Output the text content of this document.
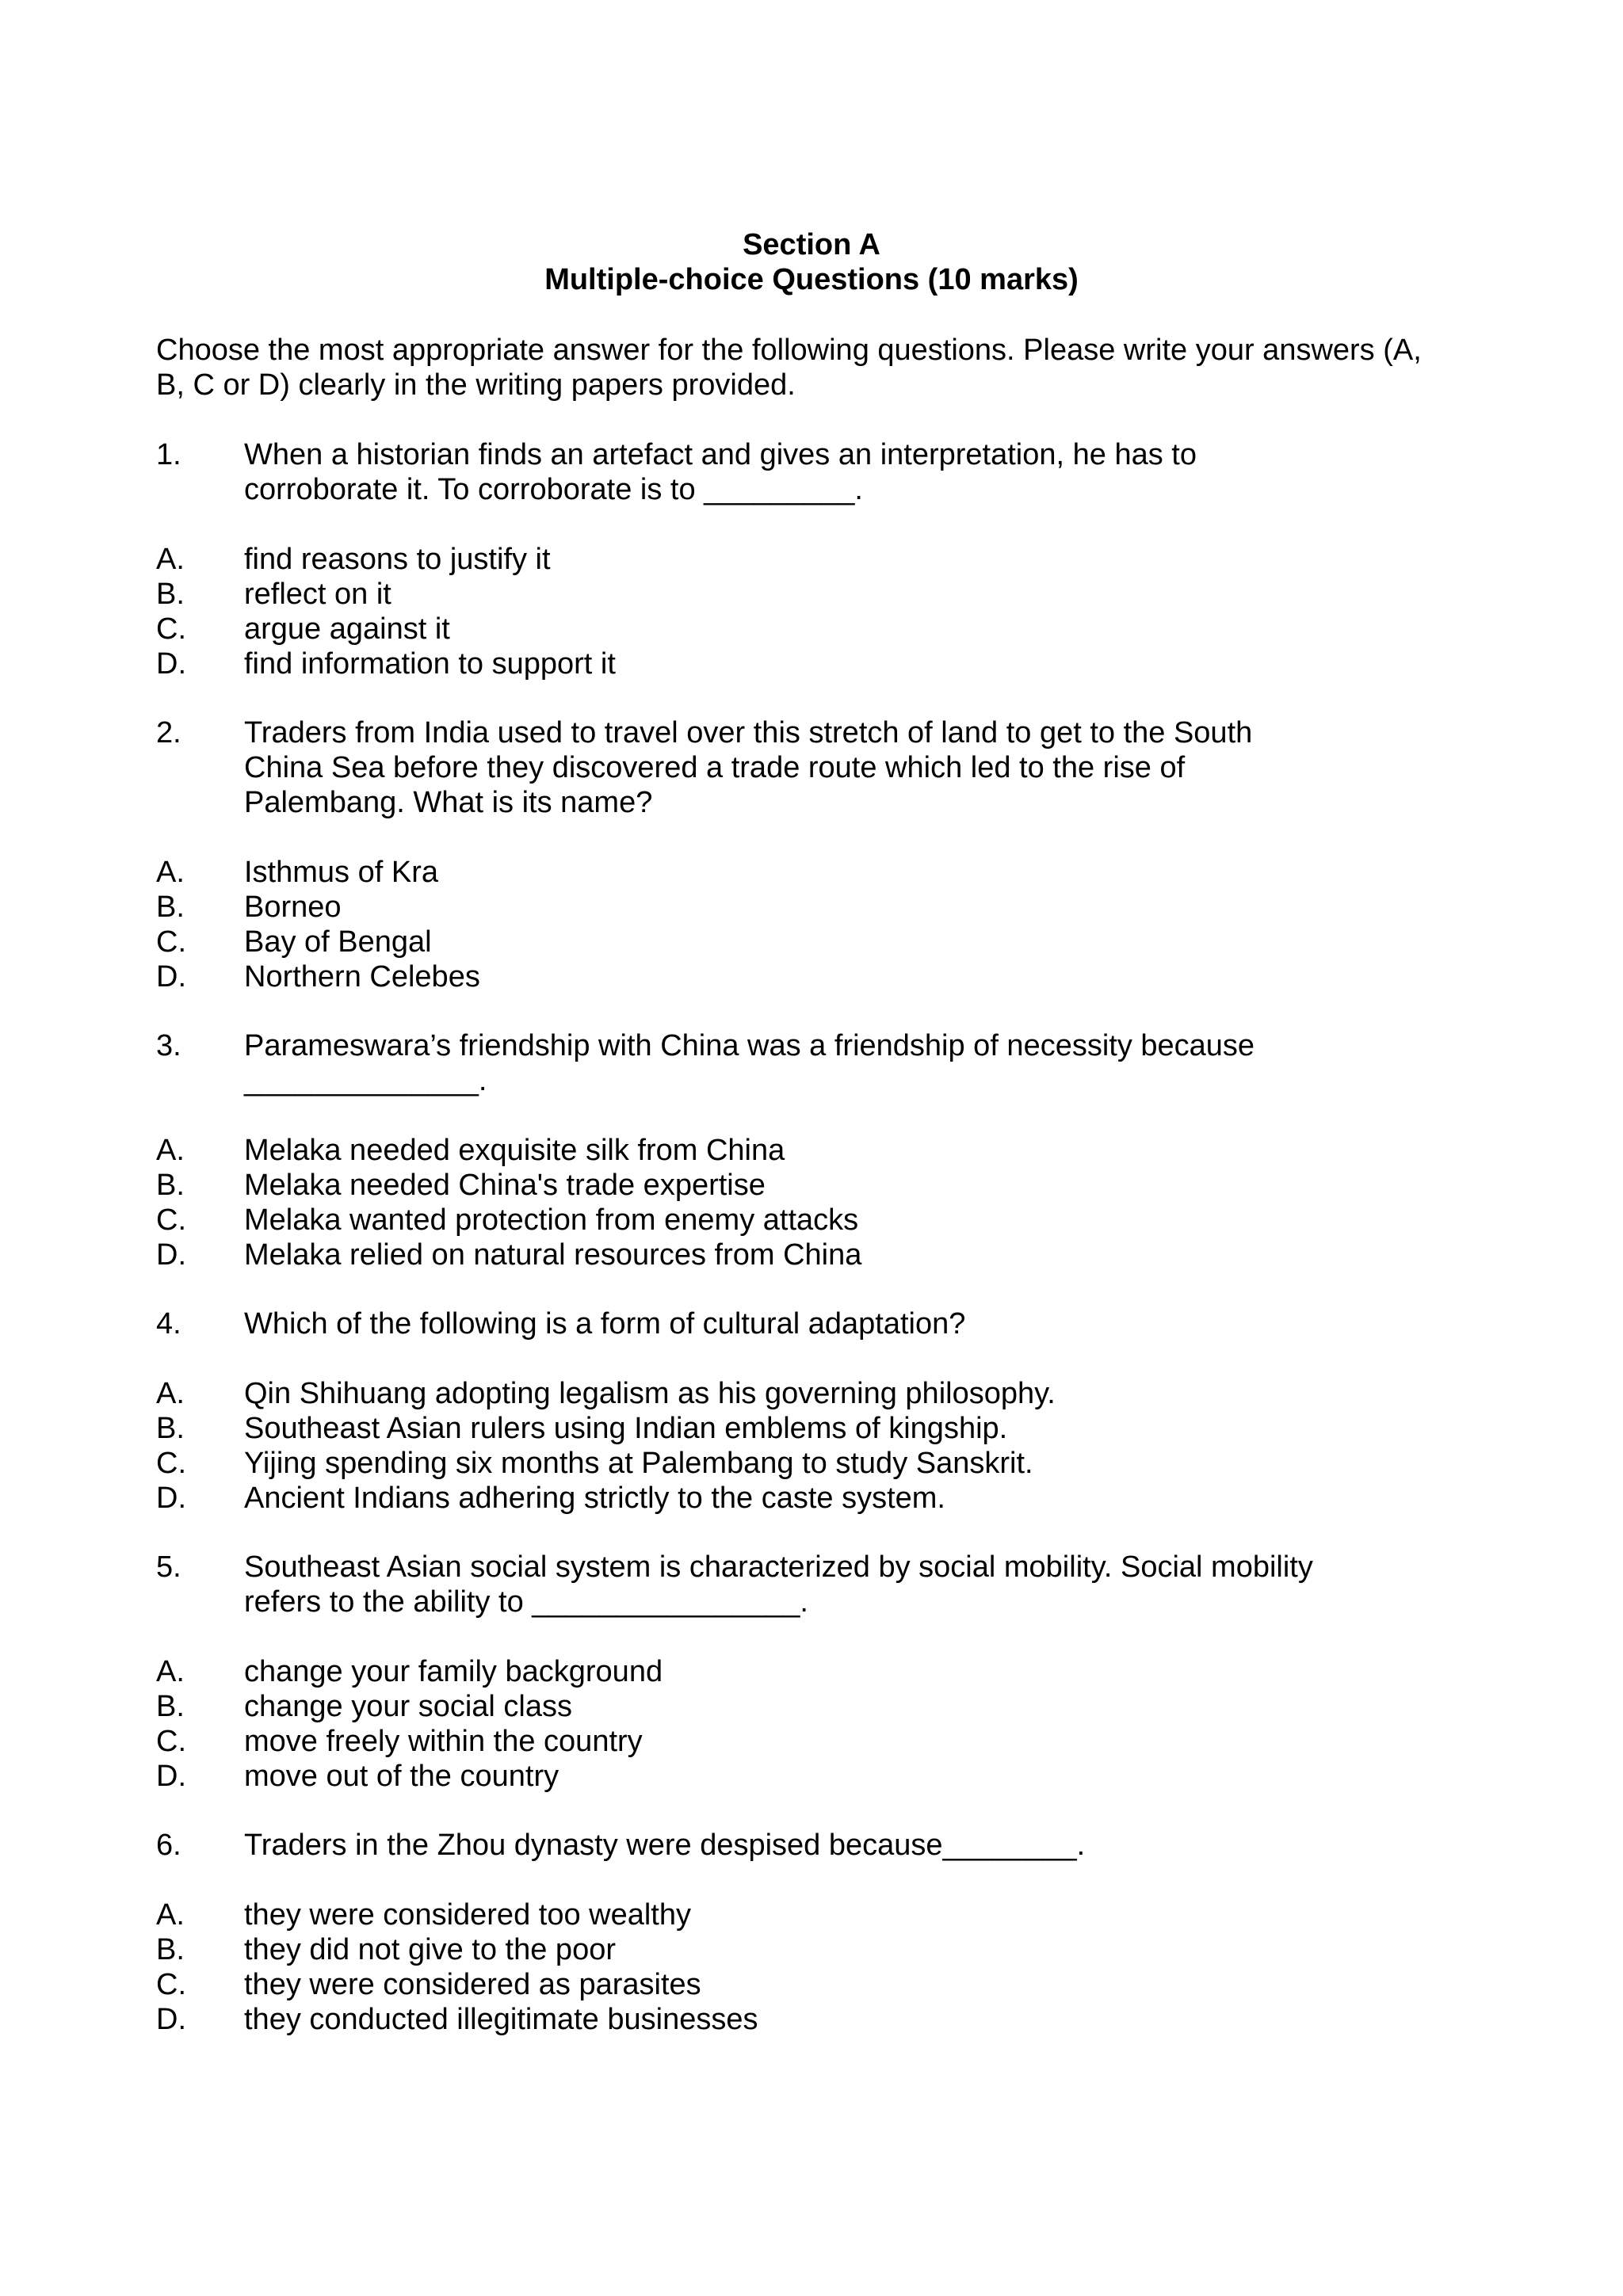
Section A
Multiple-choice Questions (10 marks)
Choose the most appropriate answer for the following questions. Please write your answers (A,
B, C or D) clearly in the writing papers provided.
1. When a historian finds an artefact and gives an interpretation, he has to
corroborate it. To corroborate is to _________.
A. find reasons to justify it
B. reflect on it
C. argue against it
D. find information to support it
2. Traders from India used to travel over this stretch of land to get to the South
China Sea before they discovered a trade route which led to the rise of
Palembang. What is its name?
A. Isthmus of Kra
B. Borneo
C. Bay of Bengal
D. Northern Celebes
3. Parameswara’s friendship with China was a friendship of necessity because
______________.
A. Melaka needed exquisite silk from China
B. Melaka needed China's trade expertise
C. Melaka wanted protection from enemy attacks
D. Melaka relied on natural resources from China
4. Which of the following is a form of cultural adaptation?
A. Qin Shihuang adopting legalism as his governing philosophy.
B. Southeast Asian rulers using Indian emblems of kingship.
C. Yijing spending six months at Palembang to study Sanskrit.
D. Ancient Indians adhering strictly to the caste system.
5. Southeast Asian social system is characterized by social mobility. Social mobility
refers to the ability to ________________.
A. change your family background
B. change your social class
C. move freely within the country
D. move out of the country
6. Traders in the Zhou dynasty were despised because________.
A. they were considered too wealthy
B. they did not give to the poor
C. they were considered as parasites
D. they conducted illegitimate businesses
